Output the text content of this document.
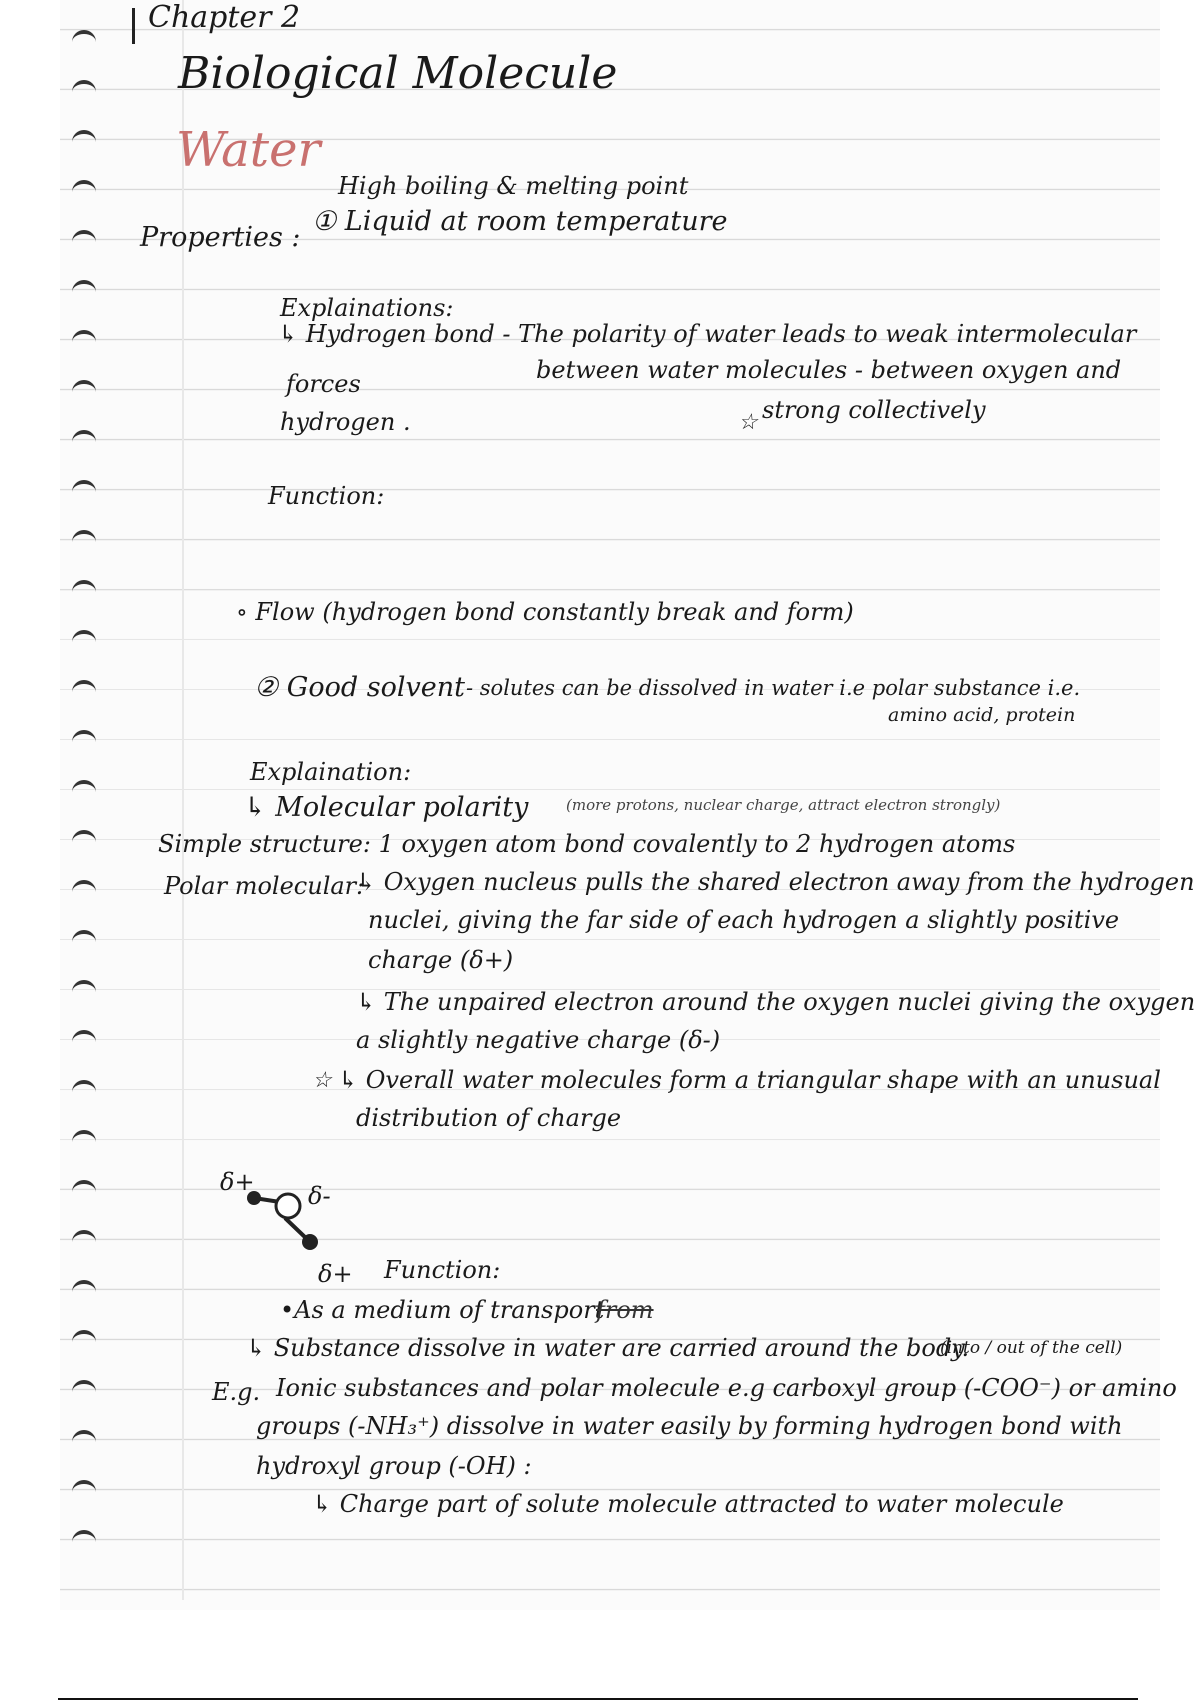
Chapter 2
Biological Molecule
Water
High boiling & melting point
Properties :
① Liquid at room temperature
Explainations:
↳ Hydrogen bond - The polarity of water leads to weak intermolecular
forces	between water molecules - between oxygen and
hydrogen .	☆ strong collectively
Function:
∘ Flow (hydrogen bond constantly break and form)
② Good solvent - solutes can be dissolved in water i.e polar substance i.e.
amino acid, protein
Explaination:
↳ Molecular polarity	(more protons, nuclear charge, attract electron strongly)
Simple structure: 1 oxygen atom bond covalently to 2 hydrogen atoms
Polar molecular:
↳ Oxygen nucleus pulls the shared electron away from the hydrogen
nuclei, giving the far side of each hydrogen a slightly positive
charge (δ+)
↳ The unpaired electron around the oxygen nuclei giving the oxygen
a slightly negative charge (δ-)
☆ ↳ Overall water molecules form a triangular shape with an unusual
distribution of charge
δ+ δ-
δ+ Function:
•As a medium of transport
from
↳ Substance dissolve in water are carried around the body.
(into / out of the cell)
E.g. Ionic substances and polar molecule e.g carboxyl group (-COO⁻) or amino
groups (-NH₃⁺) dissolve in water easily by forming hydrogen bond with
hydroxyl group (-OH) :
↳ Charge part of solute molecule attracted to water molecule
